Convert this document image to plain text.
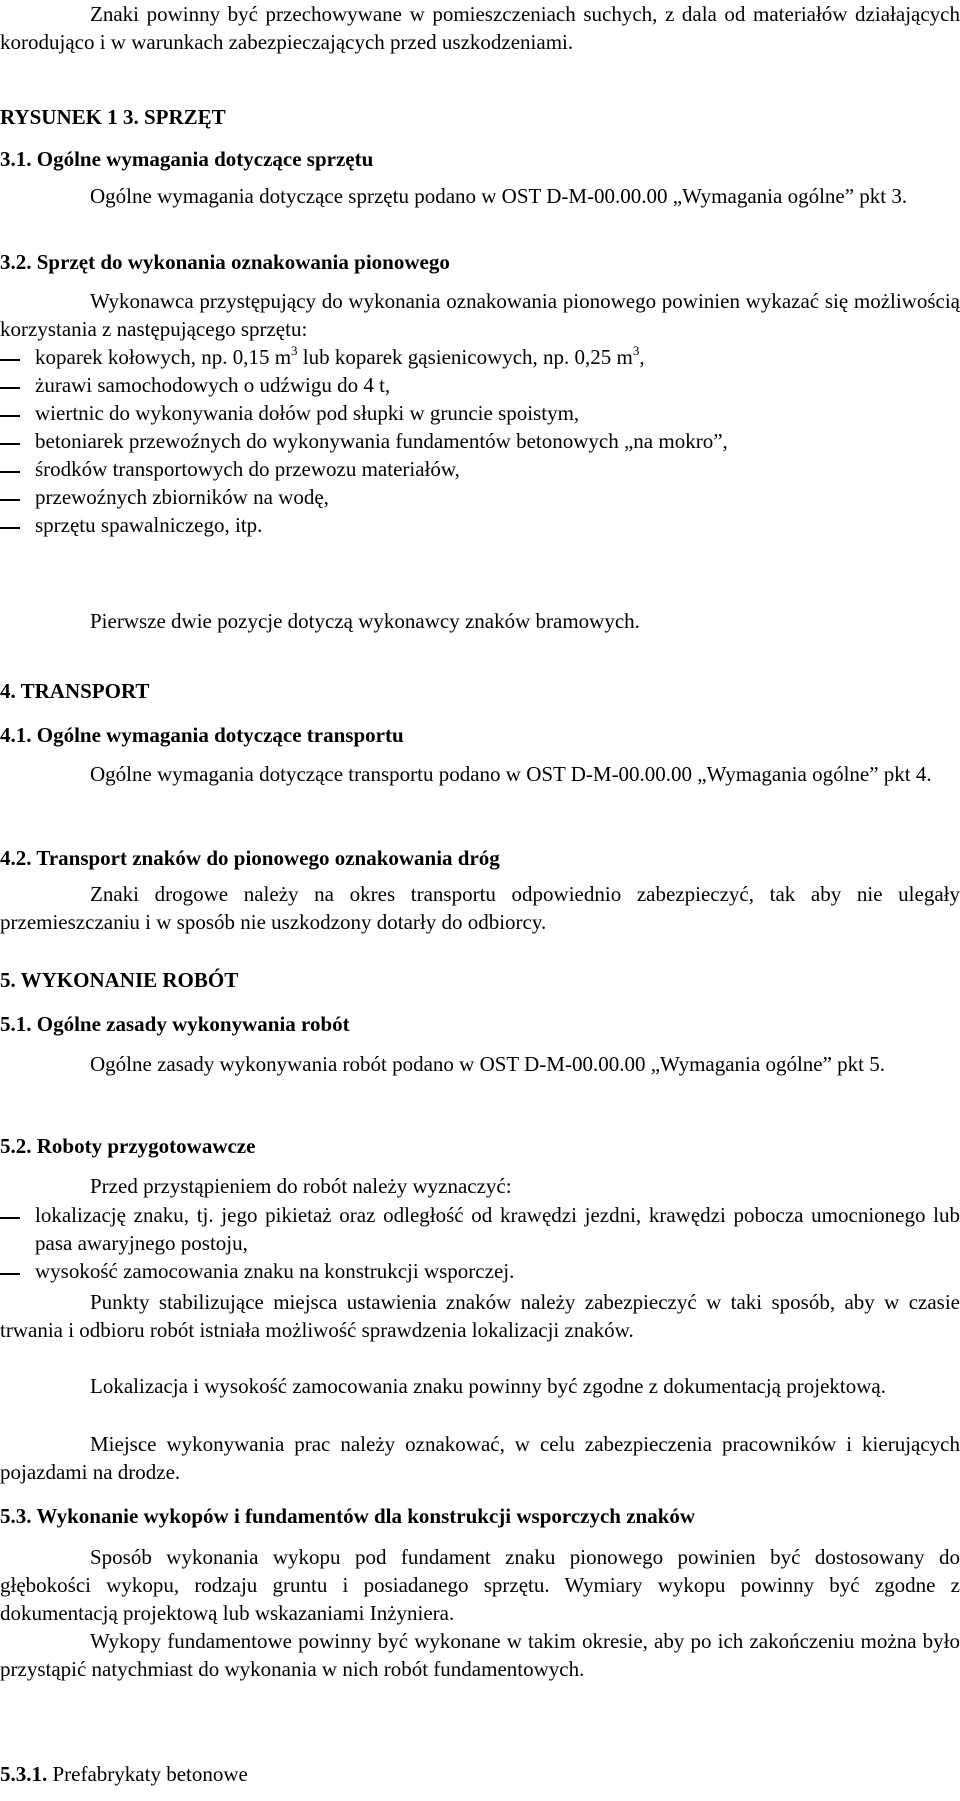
Znaki powinny być przechowywane w pomieszczeniach suchych, z dala od materiałów działających korodująco i w warunkach zabezpieczających przed uszkodzeniami.

RYSUNEK 1 3. SPRZĘT
3.1. Ogólne wymagania dotyczące sprzętu

Ogólne wymagania dotyczące sprzętu podano w OST D-M-00.00.00 „Wymagania ogólne” pkt 3.

3.2. Sprzęt do wykonania oznakowania pionowego

Wykonawca przystępujący do wykonania oznakowania pionowego powinien wykazać się możliwością korzystania z następującego sprzętu:

koparek kołowych, np. 0,15 $m^3$ lub koparek gąsienicowych, np. 0,25 $m^3$,
żurawi samochodowych o udźwigu do 4 t,
wiertnic do wykonywania dołów pod słupki w gruncie spoistym,
betoniarek przewoźnych do wykonywania fundamentów betonowych „na mokro”,
środków transportowych do przewozu materiałów,
przewoźnych zbiorników na wodę,
sprzętu spawalniczego, itp.

Pierwsze dwie pozycje dotyczą wykonawcy znaków bramowych.

4. TRANSPORT
4.1. Ogólne wymagania dotyczące transportu

Ogólne wymagania dotyczące transportu podano w OST D-M-00.00.00 „Wymagania ogólne” pkt 4.

4.2. Transport znaków do pionowego oznakowania dróg

Znaki drogowe należy na okres transportu odpowiednio zabezpieczyć, tak aby nie ulegały przemieszczaniu i w sposób nie uszkodzony dotarły do odbiorcy.

5. WYKONANIE ROBÓT
5.1. Ogólne zasady wykonywania robót

Ogólne zasady wykonywania robót podano w OST D-M-00.00.00 „Wymagania ogólne” pkt 5.

5.2. Roboty przygotowawcze

Przed przystąpieniem do robót należy wyznaczyć:

lokalizację znaku, tj. jego pikietaż oraz odległość od krawędzi jezdni, krawędzi pobocza umocnionego lub pasa awaryjnego postoju,
wysokość zamocowania znaku na konstrukcji wsporczej.

Punkty stabilizujące miejsca ustawienia znaków należy zabezpieczyć w taki sposób, aby w czasie trwania i odbioru robót istniała możliwość sprawdzenia lokalizacji znaków.

Lokalizacja i wysokość zamocowania znaku powinny być zgodne z dokumentacją projektową.

Miejsce wykonywania prac należy oznakować, w celu zabezpieczenia pracowników i kierujących pojazdami na drodze.

5.3. Wykonanie wykopów i fundamentów dla konstrukcji wsporczych znaków

Sposób wykonania wykopu pod fundament znaku pionowego powinien być dostosowany do głębokości wykopu, rodzaju gruntu i posiadanego sprzętu. Wymiary wykopu powinny być zgodne z dokumentacją projektową lub wskazaniami Inżyniera.

Wykopy fundamentowe powinny być wykonane w takim okresie, aby po ich zakończeniu można było przystąpić natychmiast do wykonania w nich robót fundamentowych.

5.3.1. Prefabrykaty betonowe
